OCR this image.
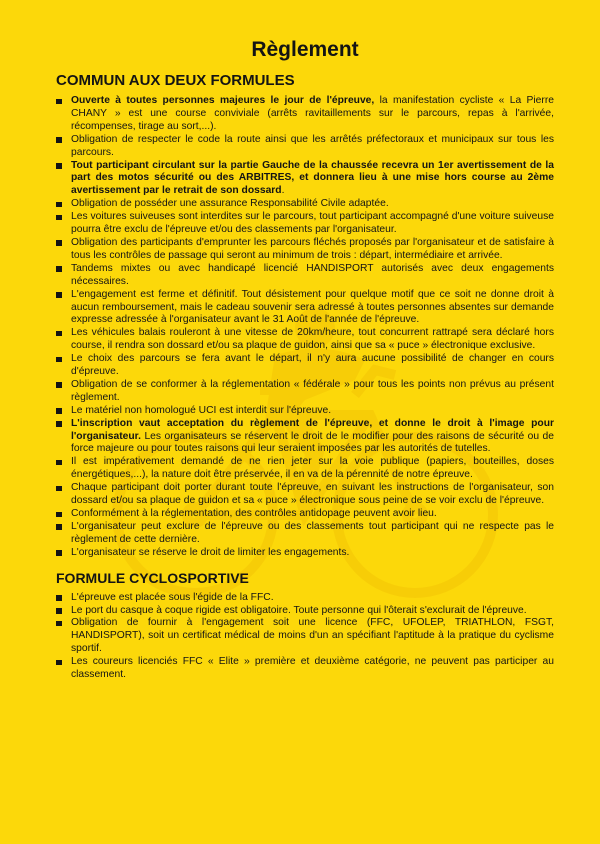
Règlement
COMMUN AUX DEUX FORMULES
Ouverte à toutes personnes majeures le jour de l'épreuve, la manifestation cycliste « La Pierre CHANY » est une course conviviale (arrêts ravitaillements sur le parcours, repas à l'arrivée, récompenses, tirage au sort,...).
Obligation de respecter le code la route ainsi que les arrêtés préfectoraux et municipaux sur tous les parcours.
Tout participant circulant sur la partie Gauche de la chaussée recevra un 1er avertissement de la part des motos sécurité ou des ARBITRES, et donnera lieu à une mise hors course au 2ème avertissement par le retrait de son dossard.
Obligation de posséder une assurance Responsabilité Civile adaptée.
Les voitures suiveuses sont interdites sur le parcours, tout participant accompagné d'une voiture suiveuse pourra être exclu de l'épreuve et/ou des classements par l'organisateur.
Obligation des participants d'emprunter les parcours fléchés proposés par l'organisateur et de satisfaire à tous les contrôles de passage qui seront au minimum de trois : départ, intermédiaire et arrivée.
Tandems mixtes ou avec handicapé licencié HANDISPORT autorisés avec deux engagements nécessaires.
L'engagement est ferme et définitif. Tout désistement pour quelque motif que ce soit ne donne droit à aucun remboursement, mais le cadeau souvenir sera adressé à toutes personnes absentes sur demande expresse adressée à l'organisateur avant le 31 Août de l'année de l'épreuve.
Les véhicules balais rouleront à une vitesse de 20km/heure, tout concurrent rattrapé sera déclaré hors course, il rendra son dossard et/ou sa plaque de guidon, ainsi que sa « puce » électronique exclusive.
Le choix des parcours se fera avant le départ, il n'y aura aucune possibilité de changer en cours d'épreuve.
Obligation de se conformer à la réglementation « fédérale » pour tous les points non prévus au présent règlement.
Le matériel non homologué UCI est interdit sur l'épreuve.
L'inscription vaut acceptation du règlement de l'épreuve, et donne le droit à l'image pour l'organisateur. Les organisateurs se réservent le droit de le modifier pour des raisons de sécurité ou de force majeure ou pour toutes raisons qui leur seraient imposées par les autorités de tutelles.
Il est impérativement demandé de ne rien jeter sur la voie publique (papiers, bouteilles, doses énergétiques,...), la nature doit être préservée, il en va de la pérennité de notre épreuve.
Chaque participant doit porter durant toute l'épreuve, en suivant les instructions de l'organisateur, son dossard et/ou sa plaque de guidon et sa « puce » électronique sous peine de se voir exclu de l'épreuve.
Conformément à la réglementation, des contrôles antidopage peuvent avoir lieu.
L'organisateur peut exclure de l'épreuve ou des classements tout participant qui ne respecte pas le règlement de cette dernière.
L'organisateur se réserve le droit de limiter les engagements.
FORMULE CYCLOSPORTIVE
L'épreuve est placée sous l'égide de la FFC.
Le port du casque à coque rigide est obligatoire. Toute personne qui l'ôterait s'exclurait de l'épreuve.
Obligation de fournir à l'engagement soit une licence (FFC, UFOLEP, TRIATHLON, FSGT, HANDISPORT), soit un certificat médical de moins d'un an spécifiant l'aptitude à la pratique du cyclisme sportif.
Les coureurs licenciés FFC « Elite » première et deuxième catégorie, ne peuvent pas participer au classement.
